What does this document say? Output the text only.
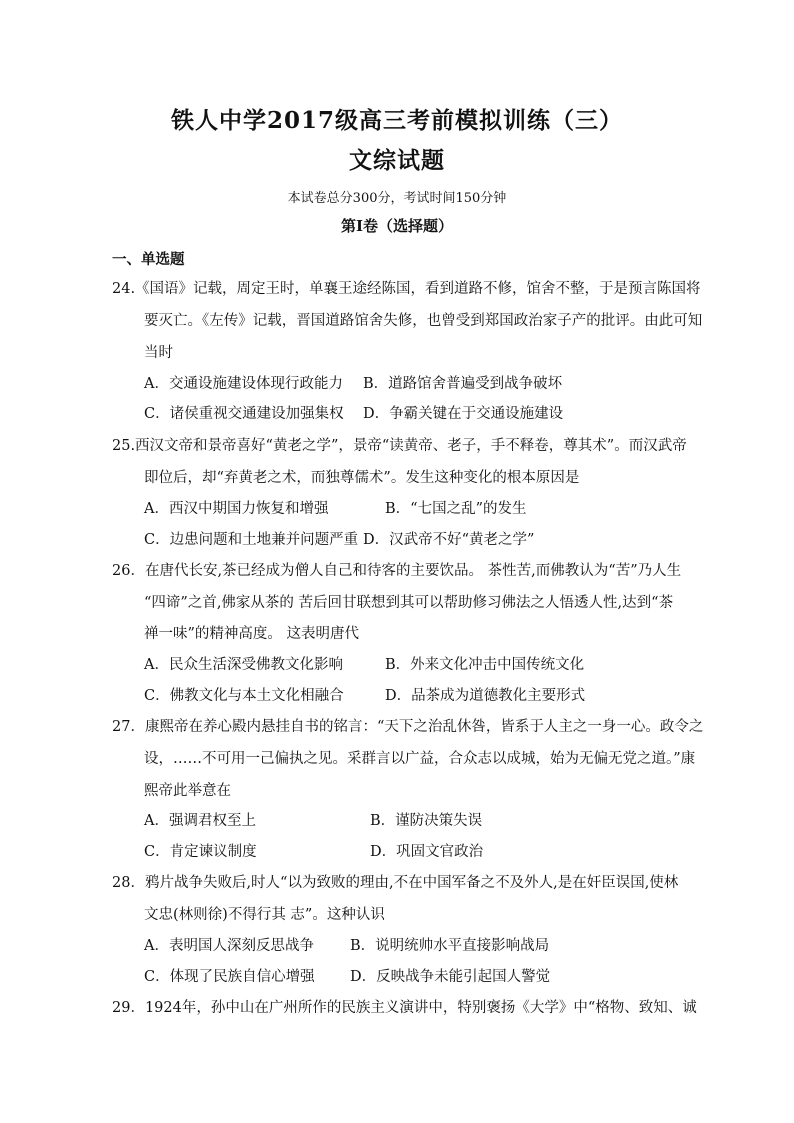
铁人中学2017级高三考前模拟训练（三）
文综试题
本试卷总分300分，考试时间150分钟
第Ⅰ卷（选择题）
一、单选题
24.《国语》记载，周定王时，单襄王途经陈国，看到道路不修，馆舍不整，于是预言陈国将
要灭亡。《左传》记载，晋国道路馆舍失修，也曾受到郑国政治家子产的批评。由此可知
当时
A．交通设施建设体现行政能力 B．道路馆舍普遍受到战争破坏
C．诸侯重视交通建设加强集权 D．争霸关键在于交通设施建设
25.西汉文帝和景帝喜好“黄老之学”，景帝“读黄帝、老子，手不释卷，尊其术”。而汉武帝
即位后，却“弃黄老之术，而独尊儒术”。发生这种变化的根本原因是
A．西汉中期国力恢复和增强	B．“七国之乱”的发生
C．边患问题和土地兼并问题严重 D．汉武帝不好“黄老之学”
26．在唐代长安,茶已经成为僧人自己和待客的主要饮品。 茶性苦,而佛教认为“苦”乃人生
“四谛”之首,佛家从茶的 苦后回甘联想到其可以帮助修习佛法之人悟透人性,达到“茶
禅一味”的精神高度。 这表明唐代
A．民众生活深受佛教文化影响	B．外来文化冲击中国传统文化
C．佛教文化与本土文化相融合	D．品茶成为道德教化主要形式
27．康熙帝在养心殿内悬挂自书的铭言：“天下之治乱休咎，皆系于人主之一身一心。政令之
设，……不可用一己偏执之见。采群言以广益，合众志以成城，始为无偏无党之道。”康
熙帝此举意在
A．强调君权至上	B．谨防决策失误
C．肯定谏议制度	D．巩固文官政治
28．鸦片战争失败后,时人“以为致败的理由,不在中国军备之不及外人,是在奸臣误国,使林
文忠(林则徐)不得行其 志”。这种认识
A．表明国人深刻反思战争 B．说明统帅水平直接影响战局
C．体现了民族自信心增强 D．反映战争未能引起国人警觉
29．1924年，孙中山在广州所作的民族主义演讲中，特别褒扬《大学》中“格物、致知、诚
